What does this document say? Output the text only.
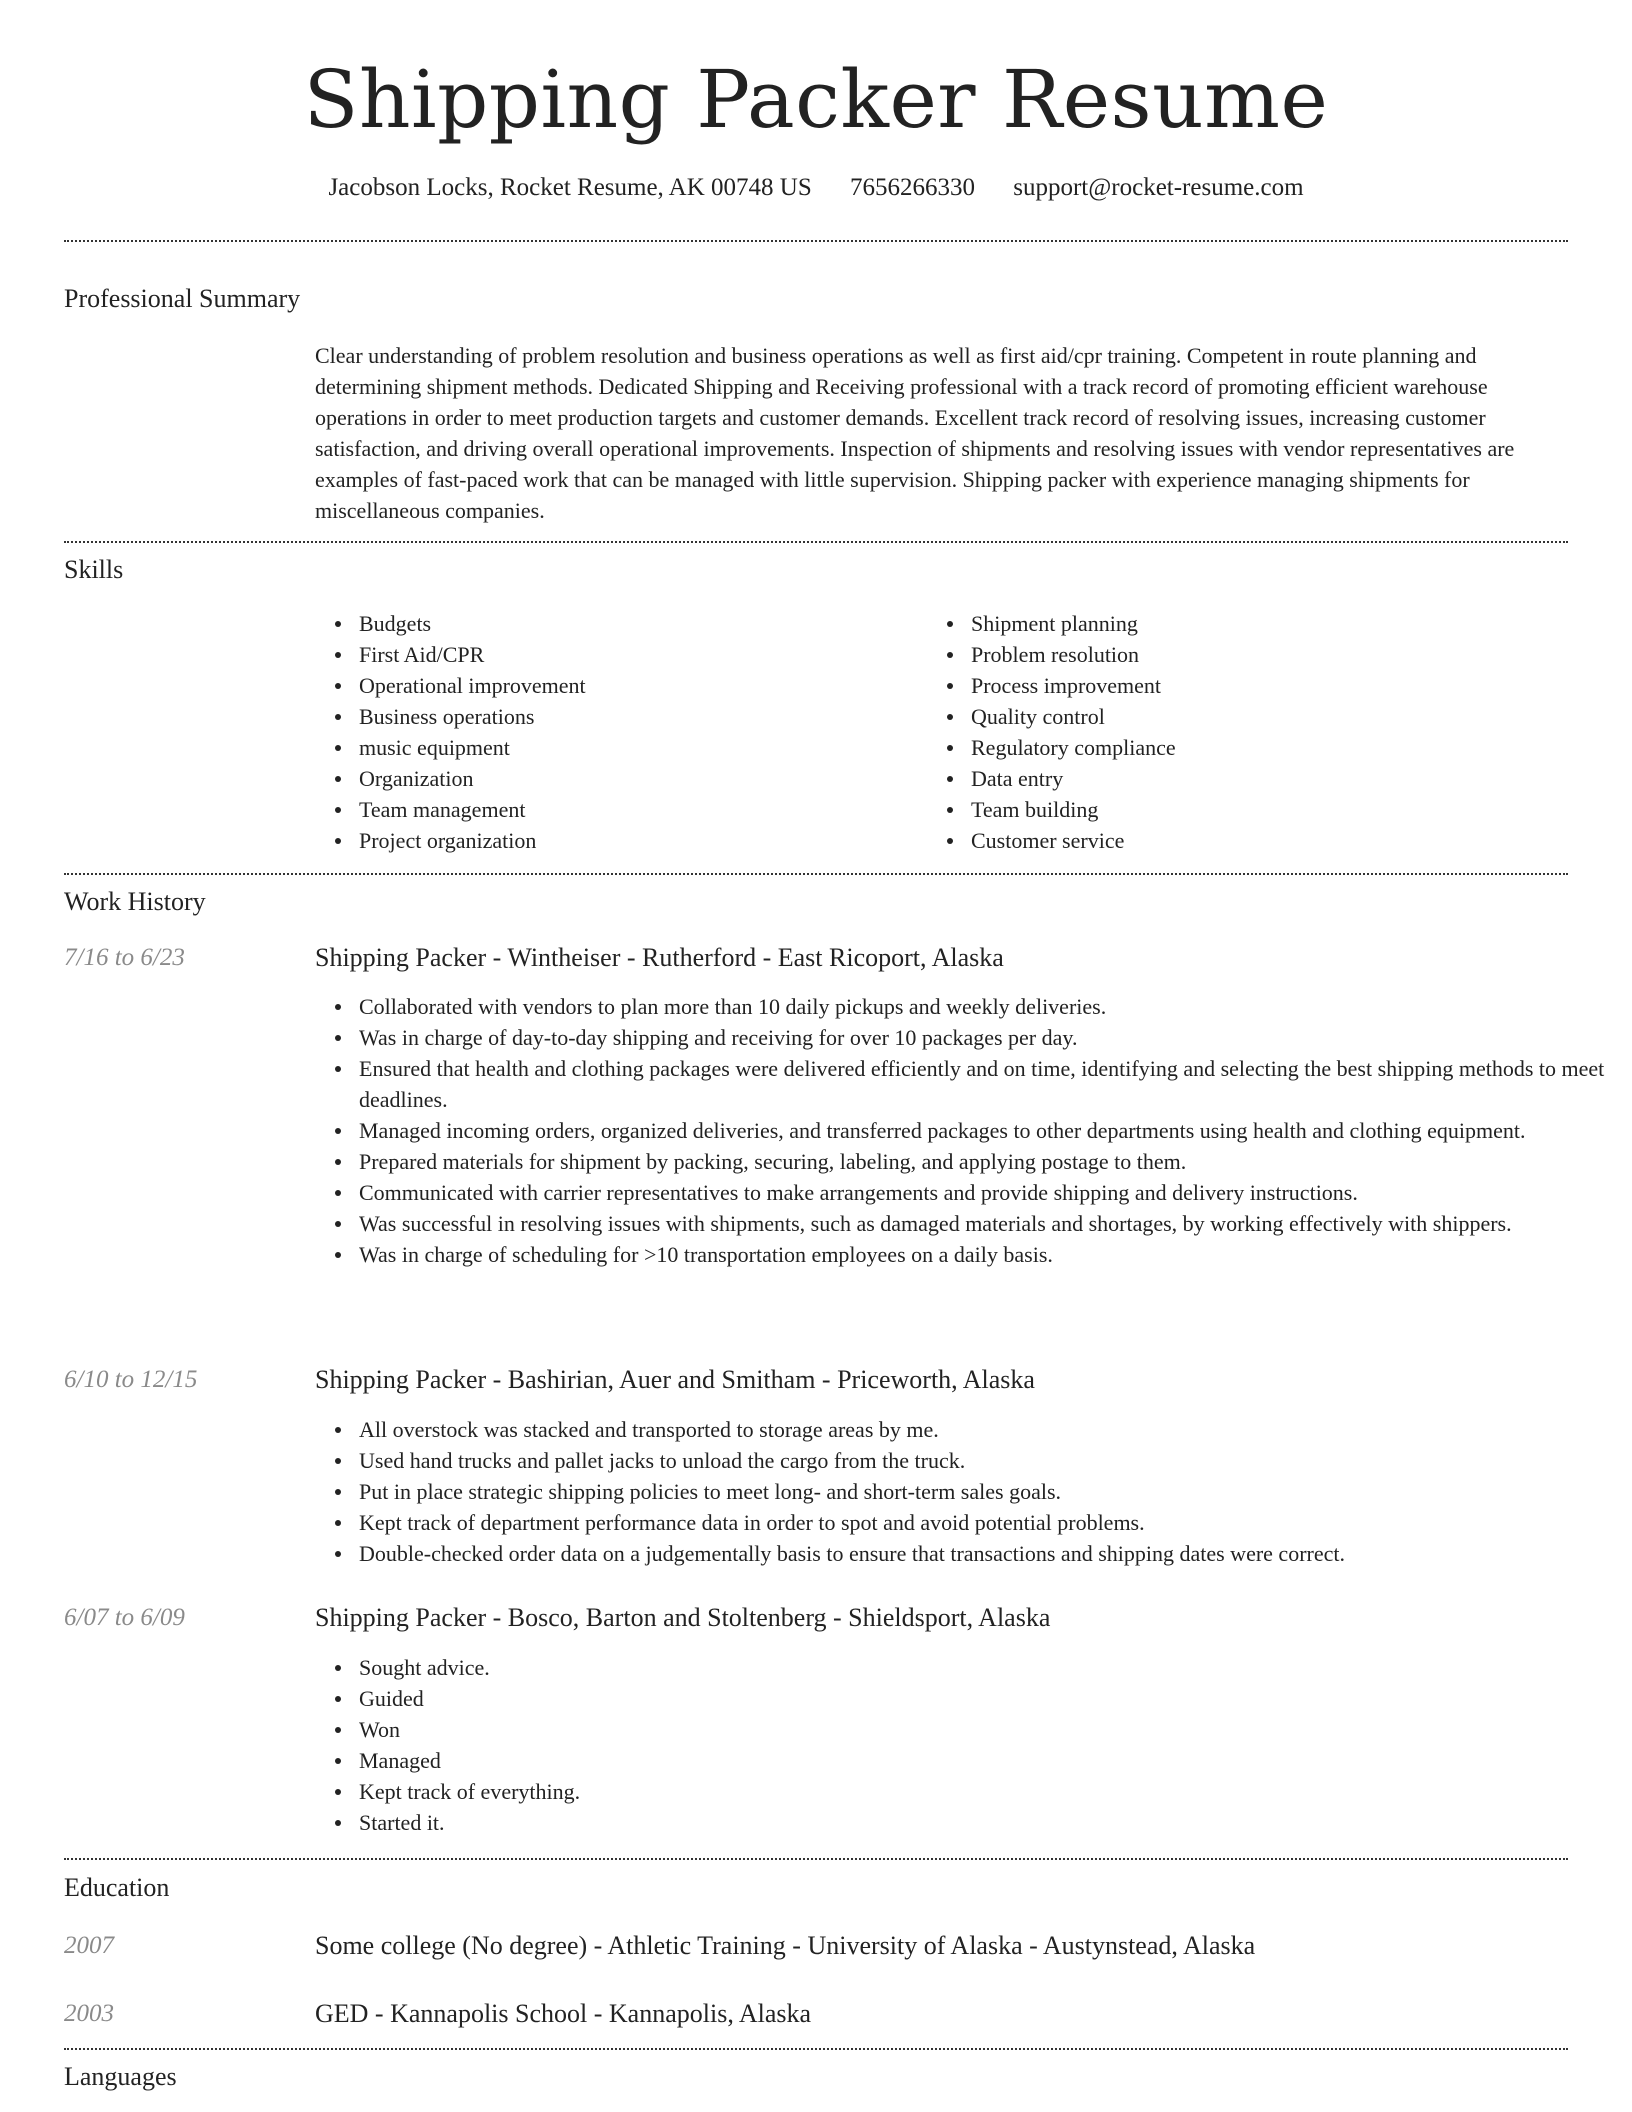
Shipping Packer Resume
Jacobson Locks, Rocket Resume, AK 00748 US 7656266330 support@rocket-resume.com
Professional Summary

Clear understanding of problem resolution and business operations as well as first aid/cpr training. Competent in route planning and determining shipment methods. Dedicated Shipping and Receiving professional with a track record of promoting efficient warehouse operations in order to meet production targets and customer demands. Excellent track record of resolving issues, increasing customer satisfaction, and driving overall operational improvements. Inspection of shipments and resolving issues with vendor representatives are examples of fast-paced work that can be managed with little supervision. Shipping packer with experience managing shipments for miscellaneous companies.

Skills
Budgets
First Aid/CPR
Operational improvement
Business operations
music equipment
Organization
Team management
Project organization
Shipment planning
Problem resolution
Process improvement
Quality control
Regulatory compliance
Data entry
Team building
Customer service
Work History
7/16 to 6/23	Shipping Packer - Wintheiser - Rutherford - East Ricoport, Alaska
Collaborated with vendors to plan more than 10 daily pickups and weekly deliveries.
Was in charge of day-to-day shipping and receiving for over 10 packages per day.
Ensured that health and clothing packages were delivered efficiently and on time, identifying and selecting the best shipping methods to meet deadlines.
Managed incoming orders, organized deliveries, and transferred packages to other departments using health and clothing equipment.
Prepared materials for shipment by packing, securing, labeling, and applying postage to them.
Communicated with carrier representatives to make arrangements and provide shipping and delivery instructions.
Was successful in resolving issues with shipments, such as damaged materials and shortages, by working effectively with shippers.
Was in charge of scheduling for >10 transportation employees on a daily basis.
6/10 to 12/15	Shipping Packer - Bashirian, Auer and Smitham - Priceworth, Alaska
All overstock was stacked and transported to storage areas by me.
Used hand trucks and pallet jacks to unload the cargo from the truck.
Put in place strategic shipping policies to meet long- and short-term sales goals.
Kept track of department performance data in order to spot and avoid potential problems.
Double-checked order data on a judgementally basis to ensure that transactions and shipping dates were correct.
6/07 to 6/09	Shipping Packer - Bosco, Barton and Stoltenberg - Shieldsport, Alaska
Sought advice.
Guided
Won
Managed
Kept track of everything.
Started it.
Education
2007	Some college (No degree) - Athletic Training - University of Alaska - Austynstead, Alaska
2003	GED - Kannapolis School - Kannapolis, Alaska
Languages
